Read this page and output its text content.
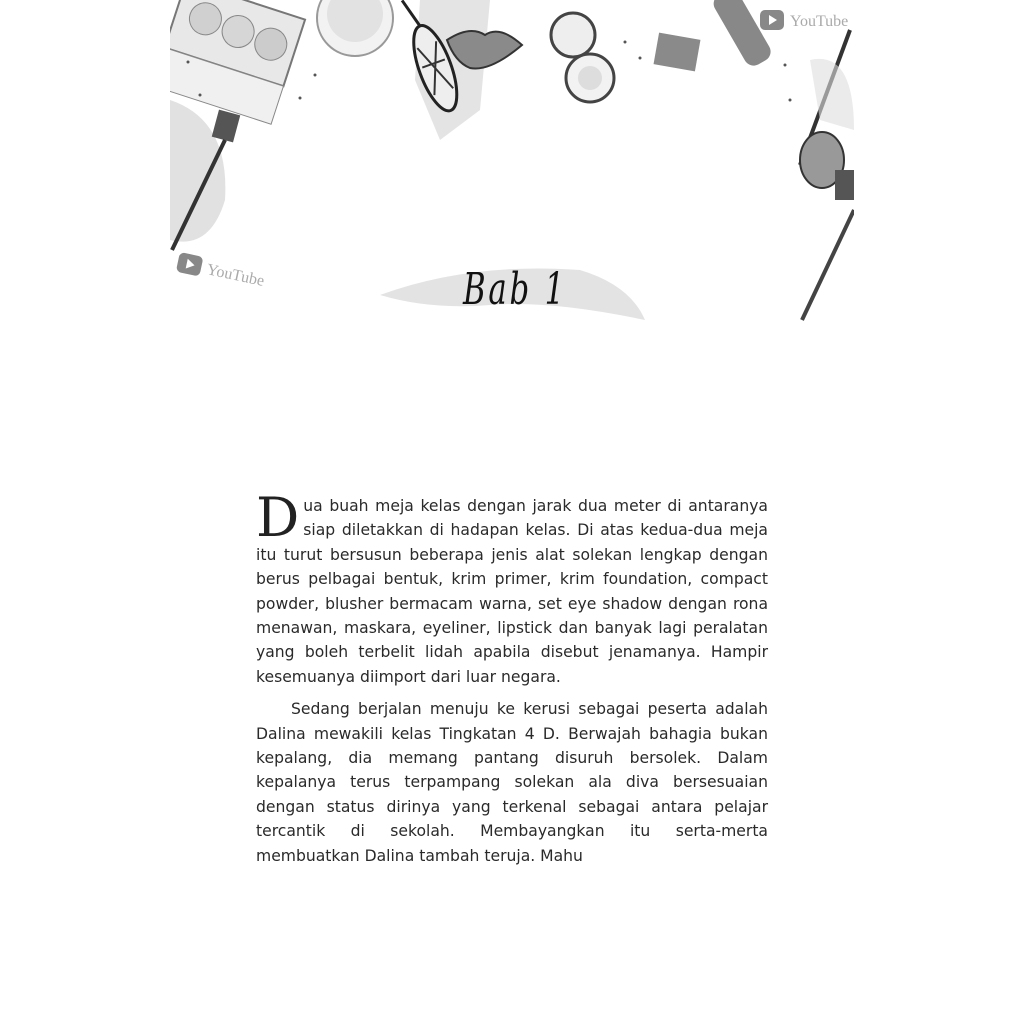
YouTube
YouTube	Bab 1

Dua buah meja kelas dengan jarak dua meter di antaranya siap diletakkan di hadapan kelas. Di atas kedua-dua meja itu turut bersusun beberapa jenis alat solekan lengkap dengan berus pelbagai bentuk, krim primer, krim foundation, compact powder, blusher bermacam warna, set eye shadow dengan rona menawan, maskara, eyeliner, lipstick dan banyak lagi peralatan yang boleh terbelit lidah apabila disebut jenamanya. Hampir kesemuanya diimport dari luar negara.

Sedang berjalan menuju ke kerusi sebagai peserta adalah Dalina mewakili kelas Tingkatan 4 D. Berwajah bahagia bukan kepalang, dia memang pantang disuruh bersolek. Dalam kepalanya terus terpampang solekan ala diva bersesuaian dengan status dirinya yang terkenal sebagai antara pelajar tercantik di sekolah. Membayangkan itu serta-merta membuatkan Dalina tambah teruja. Mahu
